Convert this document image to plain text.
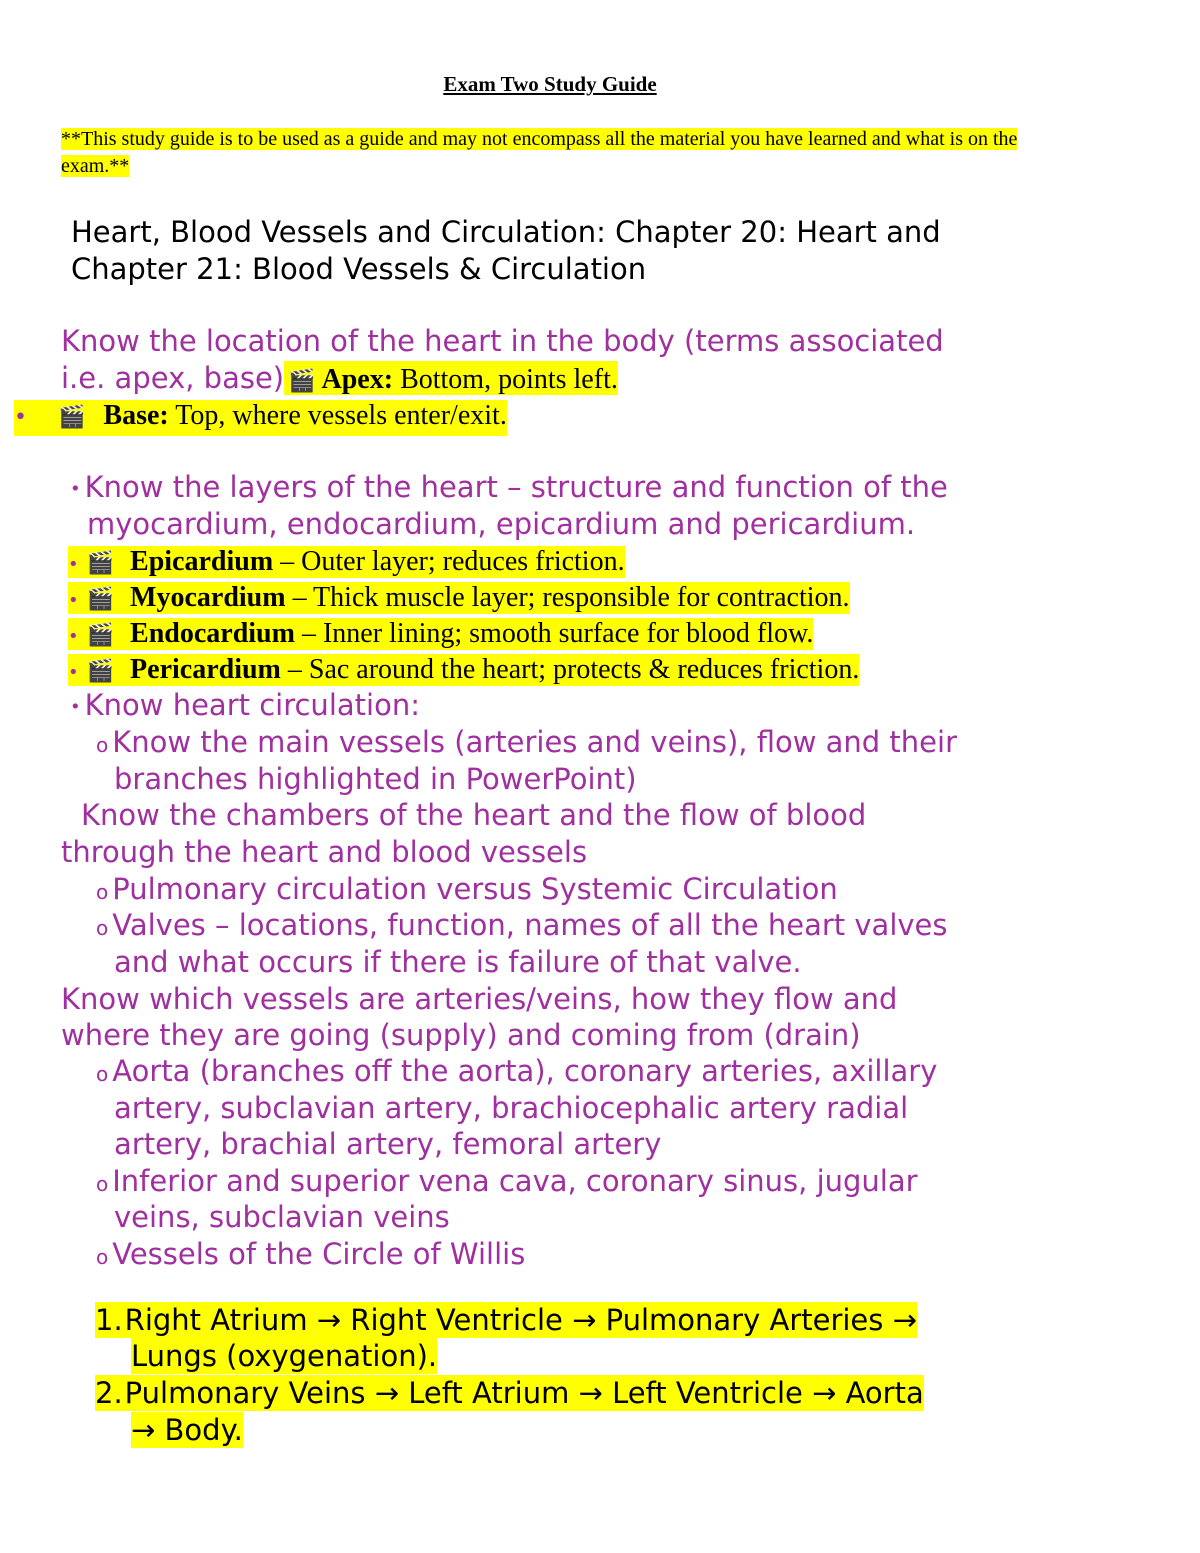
Exam Two Study Guide
**This study guide is to be used as a guide and may not encompass all the material you have learned and what is on the exam.**
Heart, Blood Vessels and Circulation: Chapter 20: Heart and
Chapter 21: Blood Vessels & Circulation
Know the location of the heart in the body (terms associated
i.e. apex, base) 🎬 Apex: Bottom, points left.
• 🎬 Base: Top, where vessels enter/exit.
• Know the layers of the heart – structure and function of the
myocardium, endocardium, epicardium and pericardium.
• 🎬 Epicardium – Outer layer; reduces friction.
• 🎬 Myocardium – Thick muscle layer; responsible for contraction.
• 🎬 Endocardium – Inner lining; smooth surface for blood flow.
• 🎬 Pericardium – Sac around the heart; protects & reduces friction.
• Know heart circulation:
o Know the main vessels (arteries and veins), flow and their
branches highlighted in PowerPoint)
Know the chambers of the heart and the flow of blood
through the heart and blood vessels
o Pulmonary circulation versus Systemic Circulation
o Valves – locations, function, names of all the heart valves
and what occurs if there is failure of that valve.
Know which vessels are arteries/veins, how they flow and
where they are going (supply) and coming from (drain)
o Aorta (branches off the aorta), coronary arteries, axillary
artery, subclavian artery, brachiocephalic artery radial
artery, brachial artery, femoral artery
o Inferior and superior vena cava, coronary sinus, jugular
veins, subclavian veins
o Vessels of the Circle of Willis
1.Right Atrium → Right Ventricle → Pulmonary Arteries →
Lungs (oxygenation).
2.Pulmonary Veins → Left Atrium → Left Ventricle → Aorta
→ Body.
